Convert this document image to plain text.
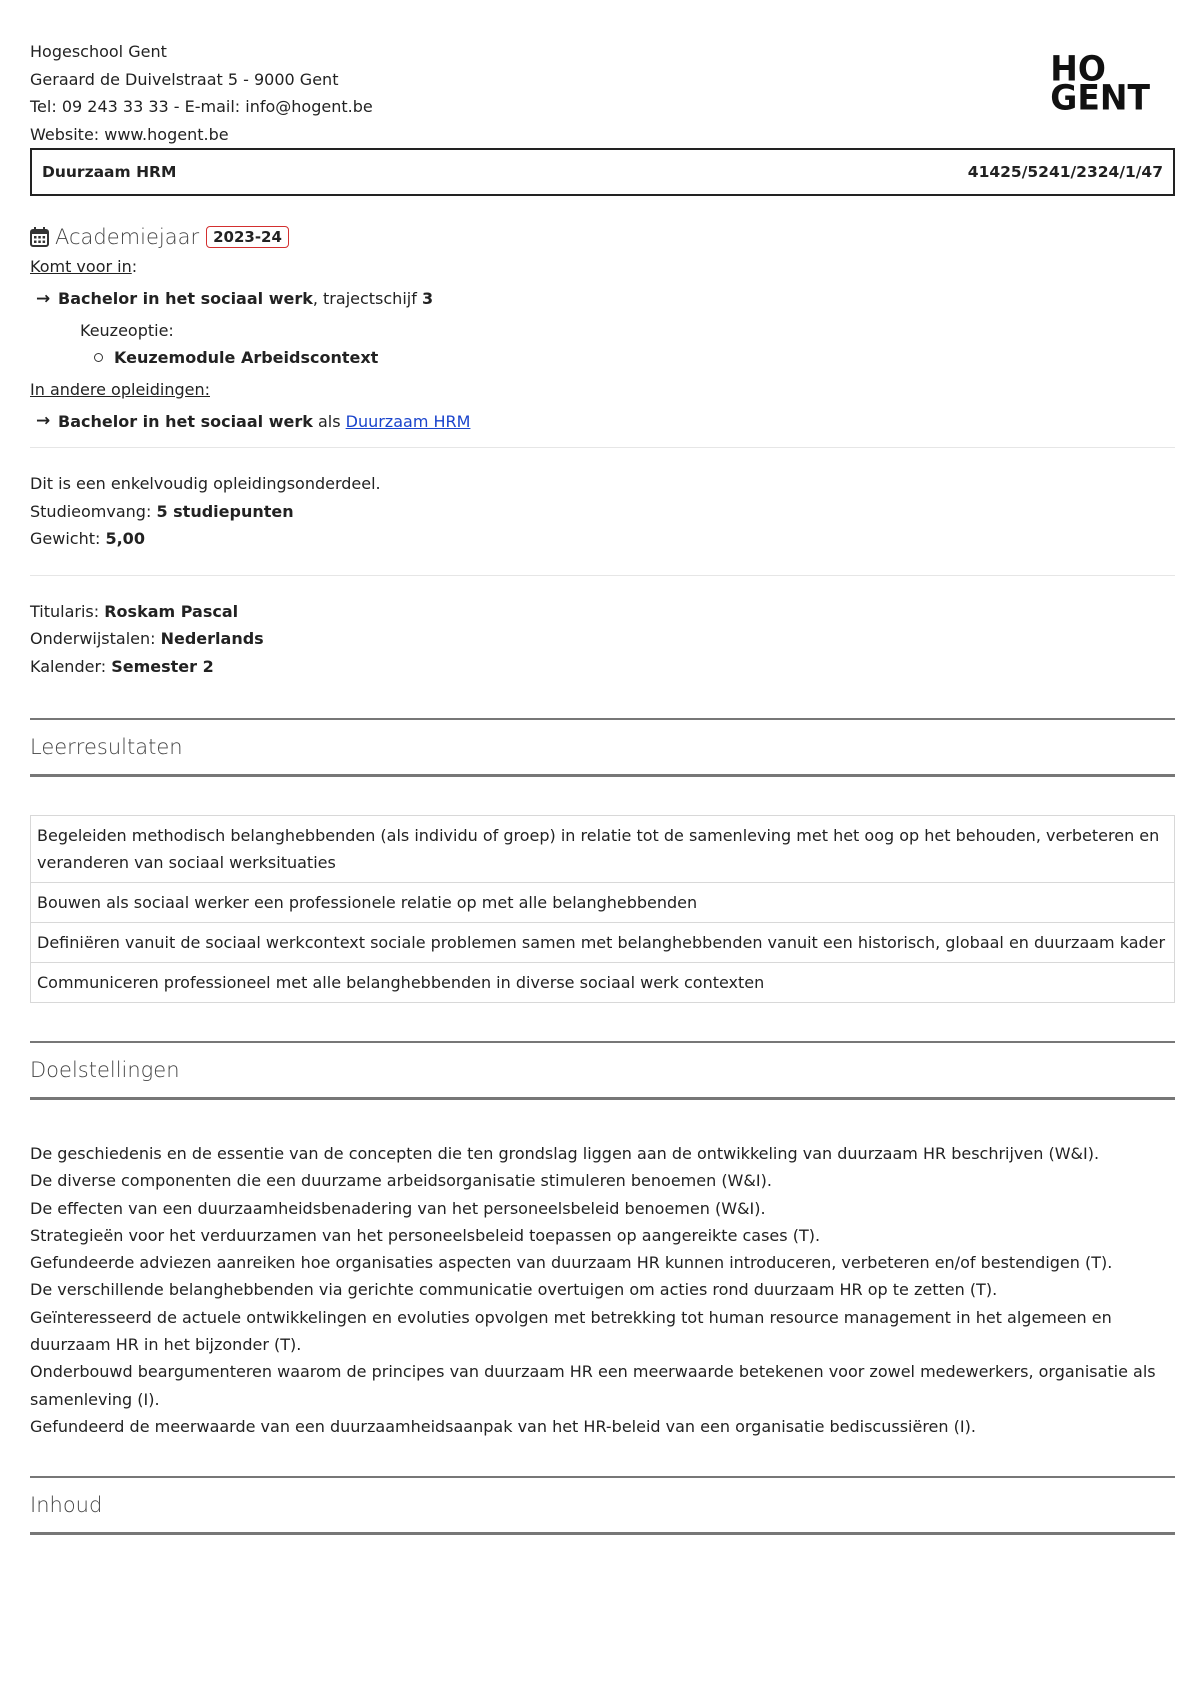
Hogeschool Gent
Geraard de Duivelstraat 5 - 9000 Gent
Tel: 09 243 33 33 - E-mail: info@hogent.be
Website: www.hogent.be
HO
GENT
Duurzaam HRM	41425/5241/2324/1/47
Academiejaar 2023-24
Komt voor in:
→ Bachelor in het sociaal werk, trajectschijf 3
Keuzeoptie:
Keuzemodule Arbeidscontext
In andere opleidingen:
→ Bachelor in het sociaal werk als Duurzaam HRM
Dit is een enkelvoudig opleidingsonderdeel.
Studieomvang: 5 studiepunten
Gewicht: 5,00
Titularis: Roskam Pascal
Onderwijstalen: Nederlands
Kalender: Semester 2
Leerresultaten
Begeleiden methodisch belanghebbenden (als individu of groep) in relatie tot de samenleving met het oog op het behouden, verbeteren en veranderen van sociaal werksituaties
Bouwen als sociaal werker een professionele relatie op met alle belanghebbenden
Definiëren vanuit de sociaal werkcontext sociale problemen samen met belanghebbenden vanuit een historisch, globaal en duurzaam kader
Communiceren professioneel met alle belanghebbenden in diverse sociaal werk contexten
Doelstellingen
De geschiedenis en de essentie van de concepten die ten grondslag liggen aan de ontwikkeling van duurzaam HR beschrijven (W&I).
De diverse componenten die een duurzame arbeidsorganisatie stimuleren benoemen (W&I).
De effecten van een duurzaamheidsbenadering van het personeelsbeleid benoemen (W&I).
Strategieën voor het verduurzamen van het personeelsbeleid toepassen op aangereikte cases (T).
Gefundeerde adviezen aanreiken hoe organisaties aspecten van duurzaam HR kunnen introduceren, verbeteren en/of bestendigen (T).
De verschillende belanghebbenden via gerichte communicatie overtuigen om acties rond duurzaam HR op te zetten (T).
Geïnteresseerd de actuele ontwikkelingen en evoluties opvolgen met betrekking tot human resource management in het algemeen en duurzaam HR in het bijzonder (T).
Onderbouwd beargumenteren waarom de principes van duurzaam HR een meerwaarde betekenen voor zowel medewerkers, organisatie als samenleving (I).
Gefundeerd de meerwaarde van een duurzaamheidsaanpak van het HR-beleid van een organisatie bediscussiëren (I).
Inhoud
